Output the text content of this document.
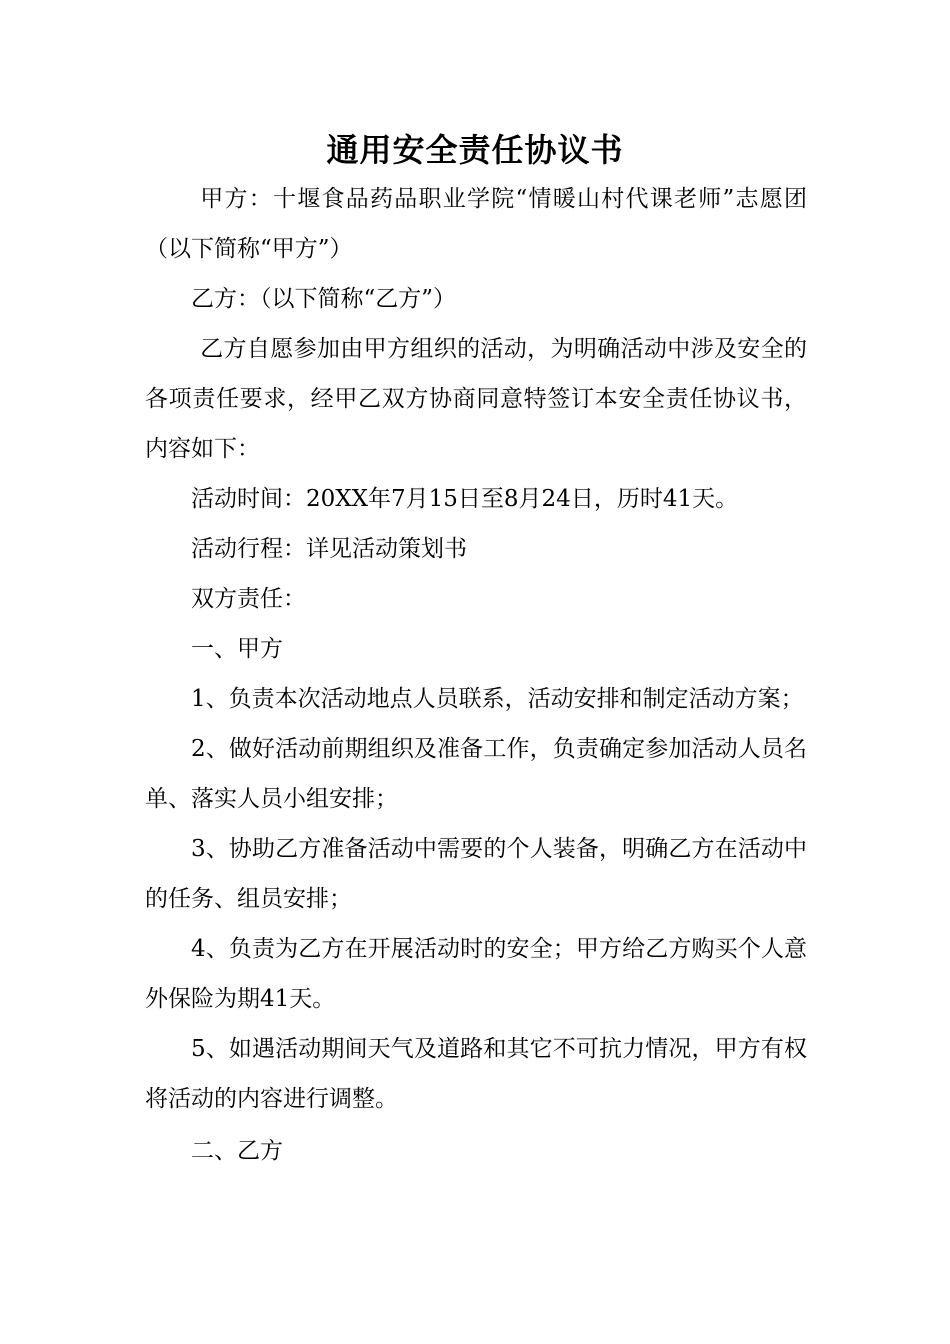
通用安全责任协议书

甲方：十堰食品药品职业学院“情暖山村代课老师”志愿团（以下简称“甲方”）

乙方：（以下简称“乙方”）

乙方自愿参加由甲方组织的活动，为明确活动中涉及安全的各项责任要求，经甲乙双方协商同意特签订本安全责任协议书，内容如下：

活动时间：20XX年7月15日至8月24日，历时41天。

活动行程：详见活动策划书

双方责任：

一、甲方

1、负责本次活动地点人员联系，活动安排和制定活动方案；

2、做好活动前期组织及准备工作，负责确定参加活动人员名单、落实人员小组安排；

3、协助乙方准备活动中需要的个人装备，明确乙方在活动中的任务、组员安排；

4、负责为乙方在开展活动时的安全；甲方给乙方购买个人意外保险为期41天。

5、如遇活动期间天气及道路和其它不可抗力情况，甲方有权将活动的内容进行调整。

二、乙方
